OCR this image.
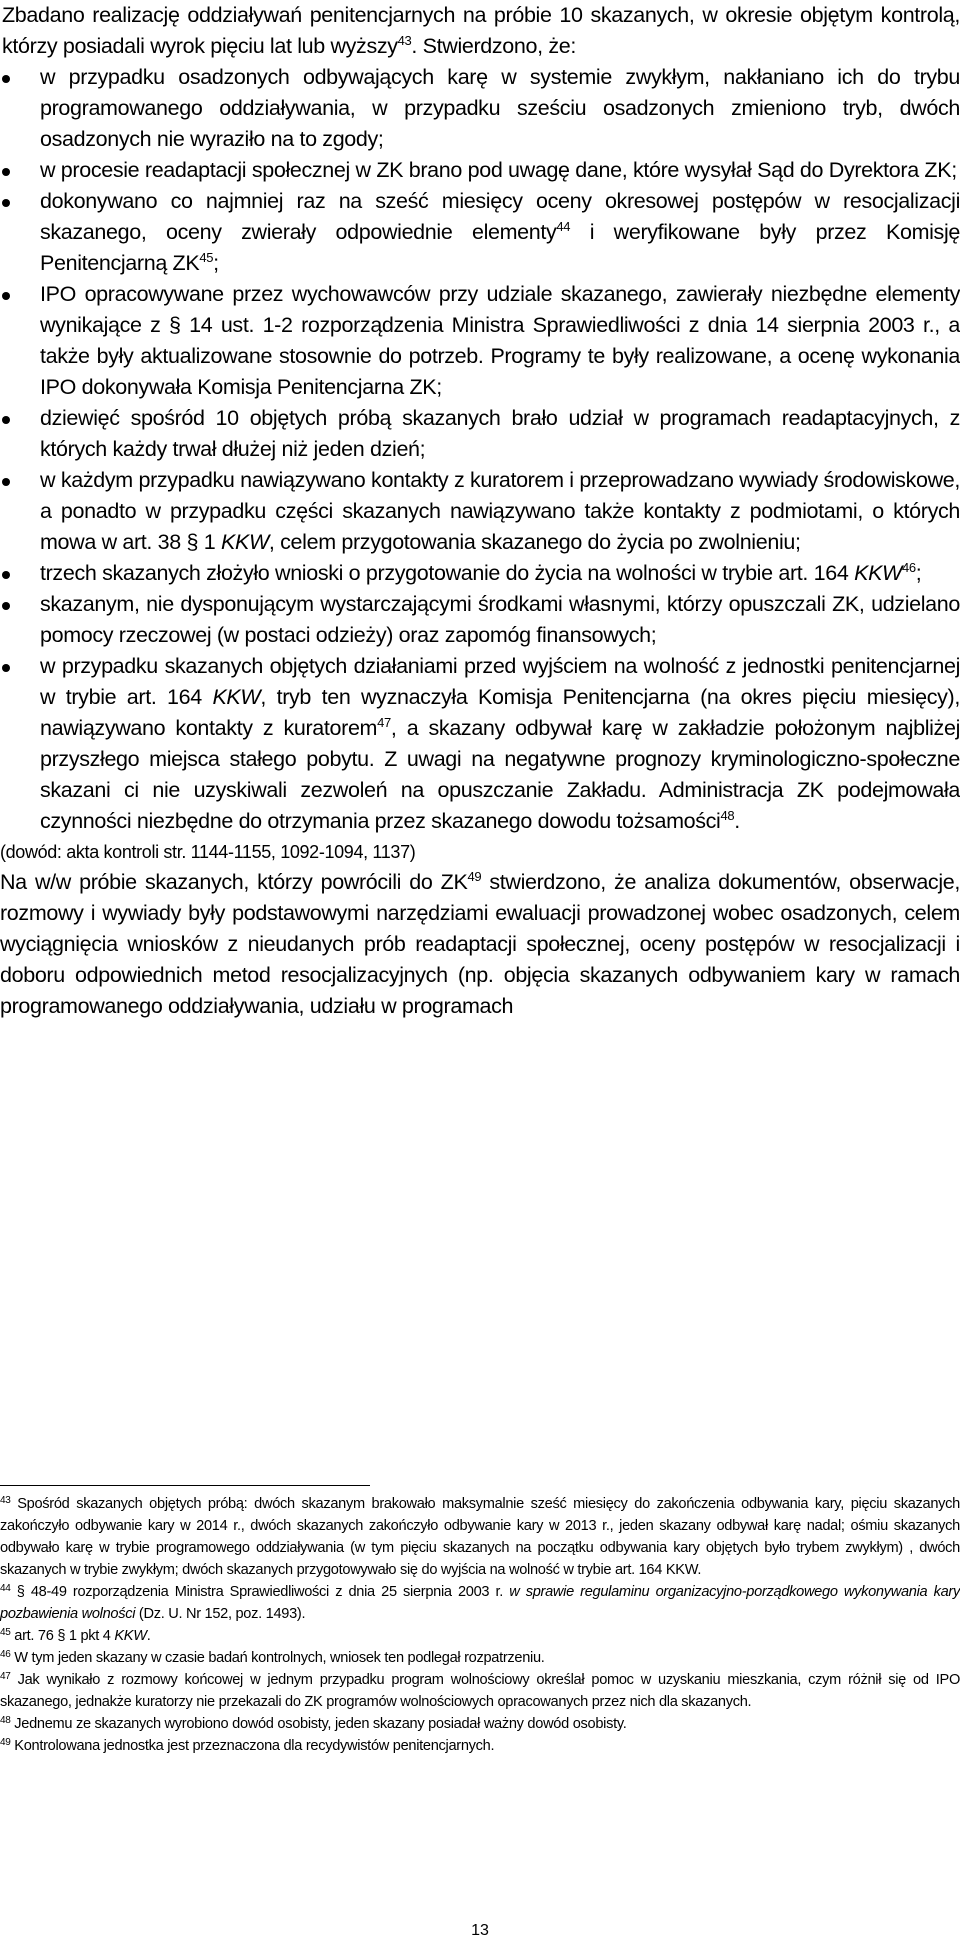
Zbadano realizację oddziaływań penitencjarnych na próbie 10 skazanych, w okresie objętym kontrolą, którzy posiadali wyrok pięciu lat lub wyższy$^{43}$. Stwierdzono, że:

w przypadku osadzonych odbywających karę w systemie zwykłym, nakłaniano ich do trybu programowanego oddziaływania, w przypadku sześciu osadzonych zmieniono tryb, dwóch osadzonych nie wyraziło na to zgody;
w procesie readaptacji społecznej w ZK brano pod uwagę dane, które wysyłał Sąd do Dyrektora ZK;
dokonywano co najmniej raz na sześć miesięcy oceny okresowej postępów w resocjalizacji skazanego, oceny zwierały odpowiednie elementy$^{44}$ i weryfikowane były przez Komisję Penitencjarną ZK$^{45}$;
IPO opracowywane przez wychowawców przy udziale skazanego, zawierały niezbędne elementy wynikające z § 14 ust. 1-2 rozporządzenia Ministra Sprawiedliwości z dnia 14 sierpnia 2003 r., a także były aktualizowane stosownie do potrzeb. Programy te były realizowane, a ocenę wykonania IPO dokonywała Komisja Penitencjarna ZK;
dziewięć spośród 10 objętych próbą skazanych brało udział w programach readaptacyjnych, z których każdy trwał dłużej niż jeden dzień;
w każdym przypadku nawiązywano kontakty z kuratorem i przeprowadzano wywiady środowiskowe, a ponadto w przypadku części skazanych nawiązywano także kontakty z podmiotami, o których mowa w art. 38 § 1 KKW, celem przygotowania skazanego do życia po zwolnieniu;
trzech skazanych złożyło wnioski o przygotowanie do życia na wolności w trybie art. 164 KKW$^{46}$;
skazanym, nie dysponującym wystarczającymi środkami własnymi, którzy opuszczali ZK, udzielano pomocy rzeczowej (w postaci odzieży) oraz zapomóg finansowych;
w przypadku skazanych objętych działaniami przed wyjściem na wolność z jednostki penitencjarnej w trybie art. 164 KKW, tryb ten wyznaczyła Komisja Penitencjarna (na okres pięciu miesięcy), nawiązywano kontakty z kuratorem$^{47}$, a skazany odbywał karę w zakładzie położonym najbliżej przyszłego miejsca stałego pobytu. Z uwagi na negatywne prognozy kryminologiczno-społeczne skazani ci nie uzyskiwali zezwoleń na opuszczanie Zakładu. Administracja ZK podejmowała czynności niezbędne do otrzymania przez skazanego dowodu tożsamości$^{48}$.

(dowód: akta kontroli str. 1144-1155, 1092-1094, 1137)

Na w/w próbie skazanych, którzy powrócili do ZK$^{49}$ stwierdzono, że analiza dokumentów, obserwacje, rozmowy i wywiady były podstawowymi narzędziami ewaluacji prowadzonej wobec osadzonych, celem wyciągnięcia wniosków z nieudanych prób readaptacji społecznej, oceny postępów w resocjalizacji i doboru odpowiednich metod resocjalizacyjnych (np. objęcia skazanych odbywaniem kary w ramach programowanego oddziaływania, udziału w programach

$^{43}$ Spośród skazanych objętych próbą: dwóch skazanym brakowało maksymalnie sześć miesięcy do zakończenia odbywania kary, pięciu skazanych zakończyło odbywanie kary w 2014 r., dwóch skazanych zakończyło odbywanie kary w 2013 r., jeden skazany odbywał karę nadal; ośmiu skazanych odbywało karę w trybie programowego oddziaływania (w tym pięciu skazanych na początku odbywania kary objętych było trybem zwykłym) , dwóch skazanych w trybie zwykłym; dwóch skazanych przygotowywało się do wyjścia na wolność w trybie art. 164 KKW.

$^{44}$ § 48-49 rozporządzenia Ministra Sprawiedliwości z dnia 25 sierpnia 2003 r. w sprawie regulaminu organizacyjno-porządkowego wykonywania kary pozbawienia wolności (Dz. U. Nr 152, poz. 1493).

$^{45}$ art. 76 § 1 pkt 4 KKW.

$^{46}$ W tym jeden skazany w czasie badań kontrolnych, wniosek ten podlegał rozpatrzeniu.

$^{47}$ Jak wynikało z rozmowy końcowej w jednym przypadku program wolnościowy określał pomoc w uzyskaniu mieszkania, czym różnił się od IPO skazanego, jednakże kuratorzy nie przekazali do ZK programów wolnościowych opracowanych przez nich dla skazanych.

$^{48}$ Jednemu ze skazanych wyrobiono dowód osobisty, jeden skazany posiadał ważny dowód osobisty.

$^{49}$ Kontrolowana jednostka jest przeznaczona dla recydywistów penitencjarnych.

13
